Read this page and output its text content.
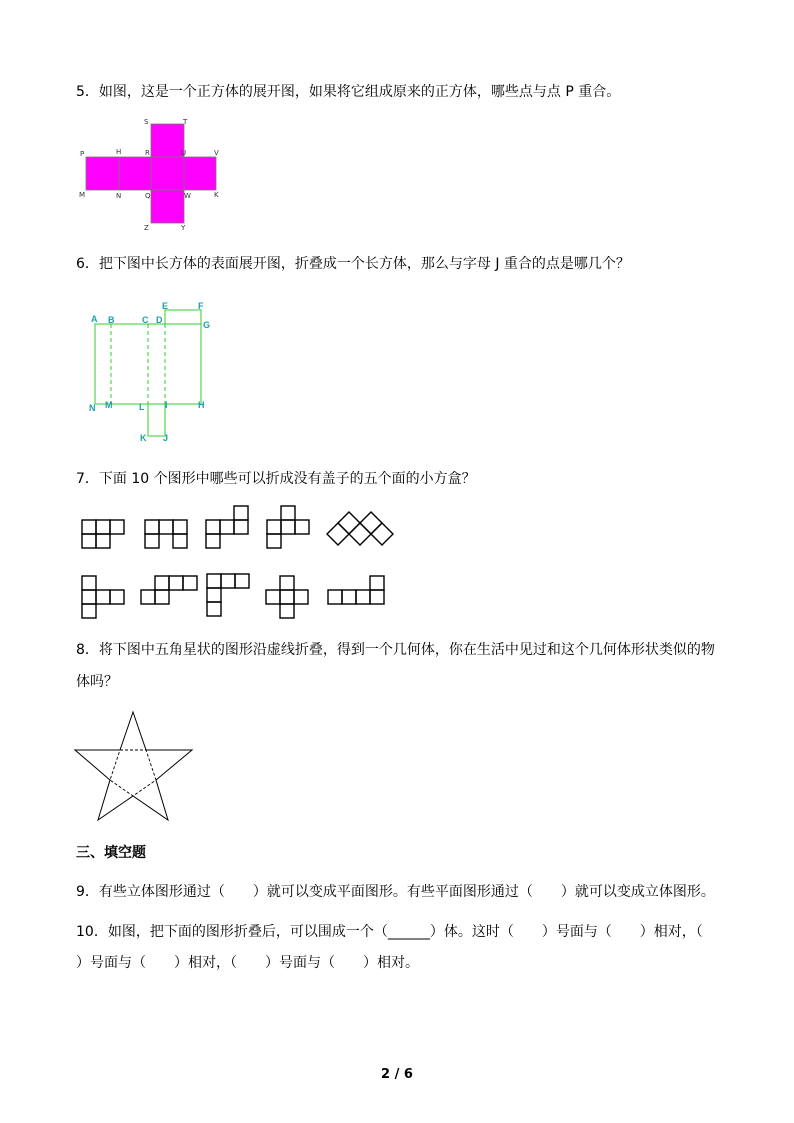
5．如图，这是一个正方体的展开图，如果将它组成原来的正方体，哪些点与点 P 重合。
S	T
P	H	R	U	V
M	N	Q	W	K
Z	Y
6．把下图中长方体的表面展开图，折叠成一个长方体，那么与字母 J 重合的点是哪几个？
E	F
A B	C D	G
N M	L I	H
K J
7．下面 10 个图形中哪些可以折成没有盖子的五个面的小方盒？
8．将下图中五角星状的图形沿虚线折叠，得到一个几何体，你在生活中见过和这个几何体形状类似的物
体吗？
三、填空题
9．有些立体图形通过（　　）就可以变成平面图形。有些平面图形通过（　　）就可以变成立体图形。
10．如图，把下面的图形折叠后，可以围成一个（______）体。这时（　　）号面与（　　）相对，（
）号面与（　　）相对，（　　）号面与（　　）相对。
2 / 6
